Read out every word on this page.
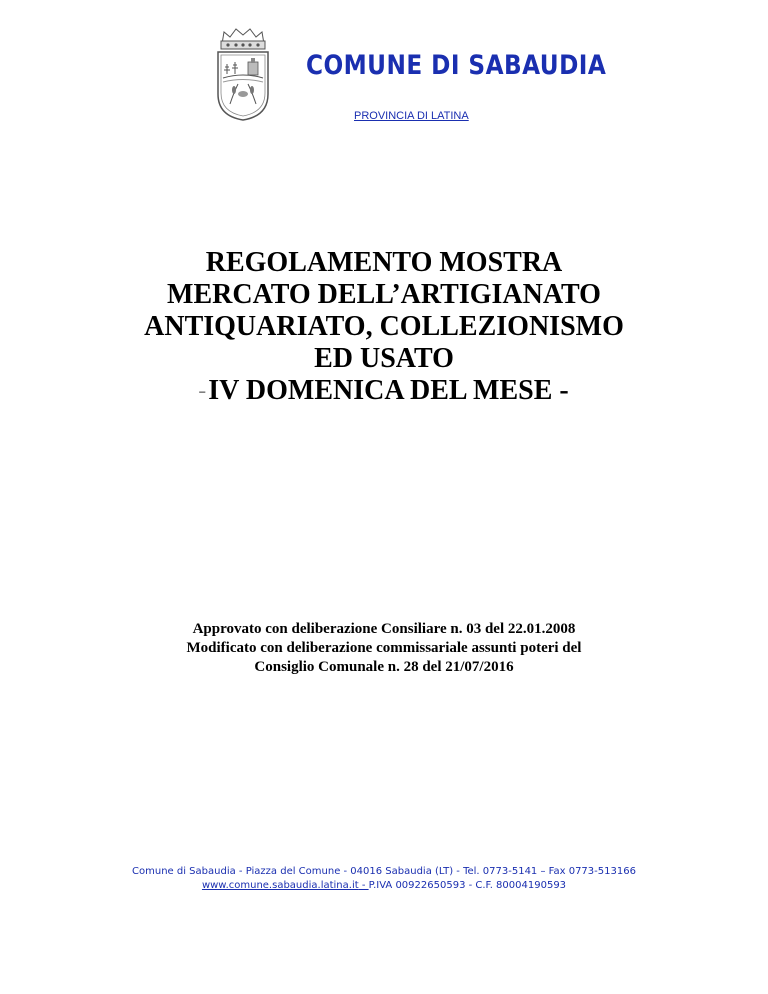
COMUNE DI SABAUDIA
PROVINCIA DI LATINA
REGOLAMENTO MOSTRA
MERCATO DELL’ARTIGIANATO
ANTIQUARIATO, COLLEZIONISMO
ED USATO
– IV DOMENICA DEL MESE -
Approvato con deliberazione Consiliare n. 03 del 22.01.2008
Modificato con deliberazione commissariale assunti poteri del
Consiglio Comunale n. 28 del 21/07/2016
Comune di Sabaudia - Piazza del Comune - 04016 Sabaudia (LT) - Tel. 0773-5141 – Fax 0773-513166
www.comune.sabaudia.latina.it - P.IVA 00922650593 - C.F. 80004190593
